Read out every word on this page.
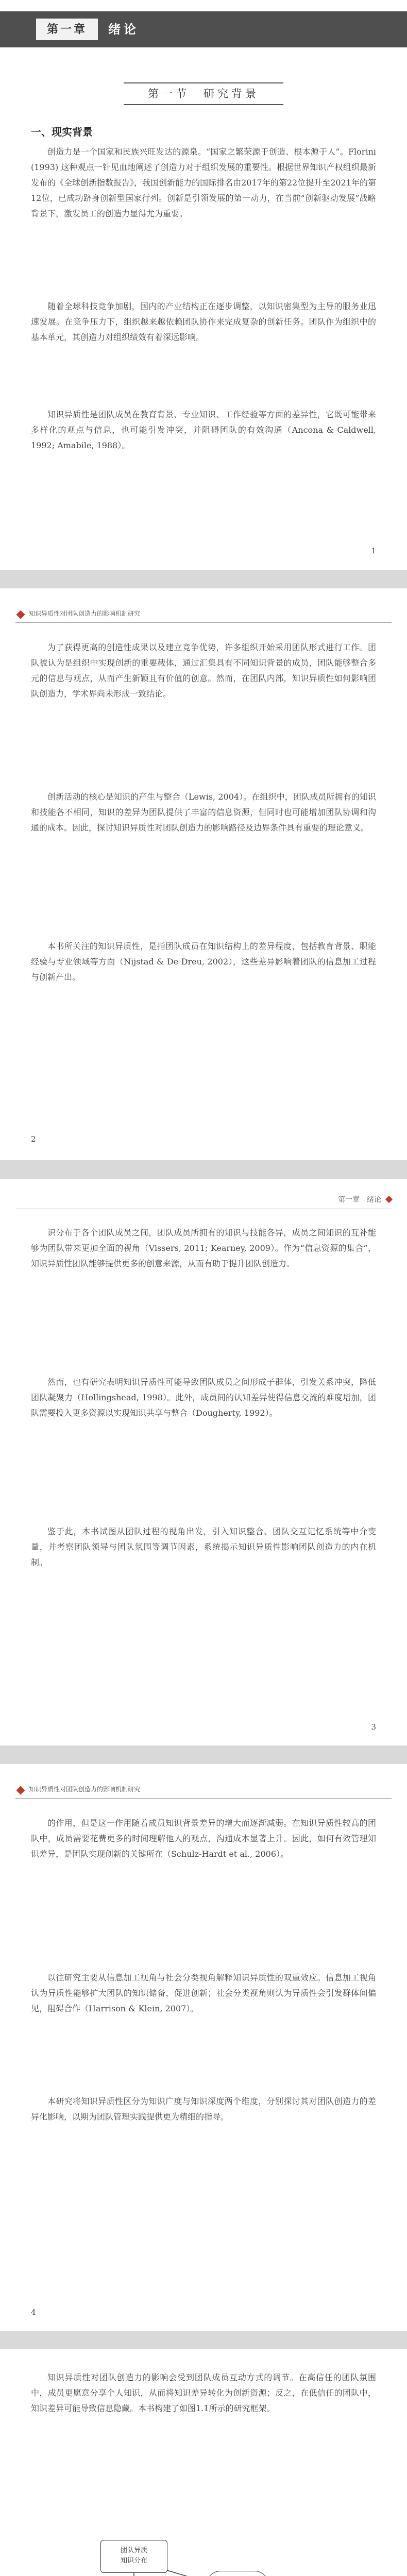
第一章	绪论
第一节　研究背景
一、现实背景

创造力是一个国家和民族兴旺发达的源泉。“国家之繁荣源于创造、根本源于人”。Florini (1993) 这种观点一针见血地阐述了创造力对于组织发展的重要性。根据世界知识产权组织最新发布的《全球创新指数报告》，我国创新能力的国际排名由2017年的第22位提升至2021年的第12位，已成功跻身创新型国家行列。创新是引领发展的第一动力，在当前“创新驱动发展”战略背景下，激发员工的创造力显得尤为重要。

随着全球科技竞争加剧，国内的产业结构正在逐步调整，以知识密集型为主导的服务业迅速发展。在竞争压力下，组织越来越依赖团队协作来完成复杂的创新任务。团队作为组织中的基本单元，其创造力对组织绩效有着深远影响。

知识异质性是团队成员在教育背景、专业知识、工作经验等方面的差异性，它既可能带来多样化的观点与信息，也可能引发冲突，并阻碍团队的有效沟通（Ancona & Caldwell, 1992; Amabile, 1988）。

1
知识异质性对团队创造力的影响机制研究

为了获得更高的创造性成果以及建立竞争优势，许多组织开始采用团队形式进行工作。团队被认为是组织中实现创新的重要载体，通过汇集具有不同知识背景的成员，团队能够整合多元的信息与观点，从而产生新颖且有价值的创意。然而，在团队内部，知识异质性如何影响团队创造力，学术界尚未形成一致结论。

创新活动的核心是知识的产生与整合（Lewis, 2004）。在组织中，团队成员所拥有的知识和技能各不相同，知识的差异为团队提供了丰富的信息资源，但同时也可能增加团队协调和沟通的成本。因此，探讨知识异质性对团队创造力的影响路径及边界条件具有重要的理论意义。

本书所关注的知识异质性，是指团队成员在知识结构上的差异程度，包括教育背景、职能经验与专业领域等方面（Nijstad & De Dreu, 2002），这些差异影响着团队的信息加工过程与创新产出。

2
第一章　绪论

识分布于各个团队成员之间，团队成员所拥有的知识与技能各异，成员之间知识的互补能够为团队带来更加全面的视角（Vissers, 2011; Kearney, 2009）。作为“信息资源的集合”，知识异质性团队能够提供更多的创意来源，从而有助于提升团队创造力。

然而，也有研究表明知识异质性可能导致团队成员之间形成子群体，引发关系冲突，降低团队凝聚力（Hollingshead, 1998）。此外，成员间的认知差异使得信息交流的难度增加，团队需要投入更多资源以实现知识共享与整合（Dougherty, 1992）。

鉴于此，本书试图从团队过程的视角出发，引入知识整合、团队交互记忆系统等中介变量，并考察团队领导与团队氛围等调节因素，系统揭示知识异质性影响团队创造力的内在机制。

3
知识异质性对团队创造力的影响机制研究

的作用，但是这一作用随着成员知识背景差异的增大而逐渐减弱。在知识异质性较高的团队中，成员需要花费更多的时间理解他人的观点，沟通成本显著上升。因此，如何有效管理知识差异，是团队实现创新的关键所在（Schulz-Hardt et al., 2006）。

以往研究主要从信息加工视角与社会分类视角解释知识异质性的双重效应。信息加工视角认为异质性能够扩大团队的知识储备，促进创新；社会分类视角则认为异质性会引发群体间偏见，阻碍合作（Harrison & Klein, 2007）。

本研究将知识异质性区分为知识广度与知识深度两个维度，分别探讨其对团队创造力的差异化影响，以期为团队管理实践提供更为精细的指导。

4

知识异质性对团队创造力的影响会受到团队成员互动方式的调节。在高信任的团队氛围中，成员更愿意分享个人知识，从而将知识差异转化为创新资源；反之，在低信任的团队中，知识差异可能导致信息隐藏。本书构建了如图1.1所示的研究框架。

团队异质
知识分布
